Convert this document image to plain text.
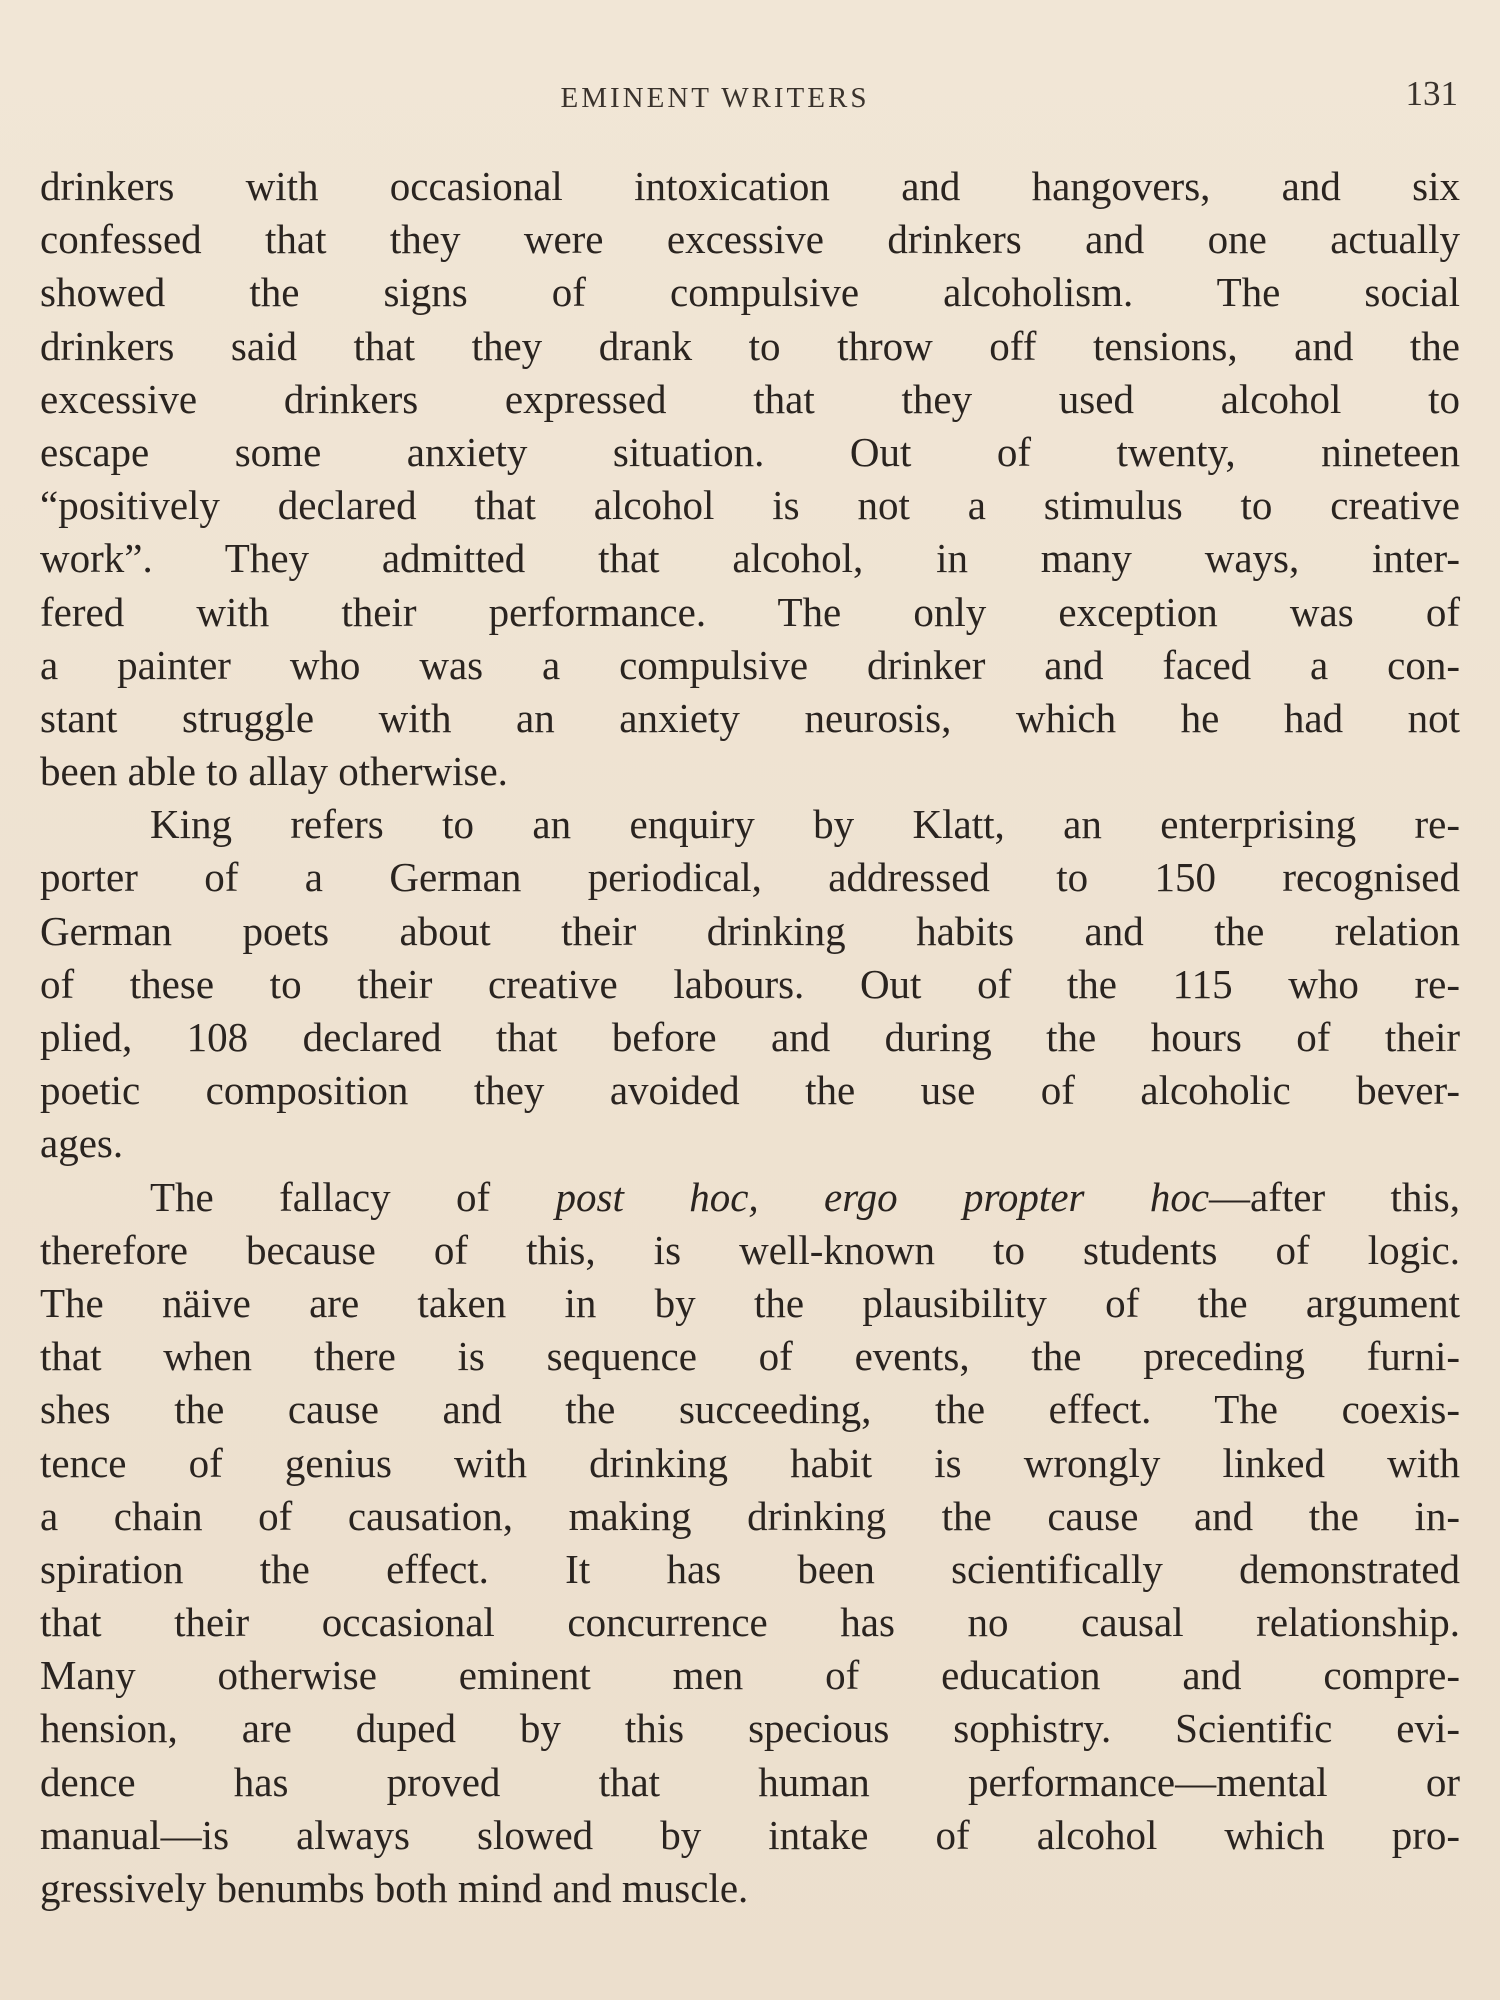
EMINENT WRITERS	131
drinkers with occasional intoxication and hangovers, and six
confessed that they were excessive drinkers and one actually
showed the signs of compulsive alcoholism. The social
drinkers said that they drank to throw off tensions, and the
excessive drinkers expressed that they used alcohol to
escape some anxiety situation. Out of twenty, nineteen
“positively declared that alcohol is not a stimulus to creative
work”. They admitted that alcohol, in many ways, inter-
fered with their performance. The only exception was of
a painter who was a compulsive drinker and faced a con-
stant struggle with an anxiety neurosis, which he had not
been able to allay otherwise.
King refers to an enquiry by Klatt, an enterprising re-
porter of a German periodical, addressed to 150 recognised
German poets about their drinking habits and the relation
of these to their creative labours. Out of the 115 who re-
plied, 108 declared that before and during the hours of their
poetic composition they avoided the use of alcoholic bever-
ages.
The fallacy of post hoc, ergo propter hoc—after this,
therefore because of this, is well-known to students of logic.
The näive are taken in by the plausibility of the argument
that when there is sequence of events, the preceding furni-
shes the cause and the succeeding, the effect. The coexis-
tence of genius with drinking habit is wrongly linked with
a chain of causation, making drinking the cause and the in-
spiration the effect. It has been scientifically demonstrated
that their occasional concurrence has no causal relationship.
Many otherwise eminent men of education and compre-
hension, are duped by this specious sophistry. Scientific evi-
dence has proved that human performance—mental or
manual—is always slowed by intake of alcohol which pro-
gressively benumbs both mind and muscle.
